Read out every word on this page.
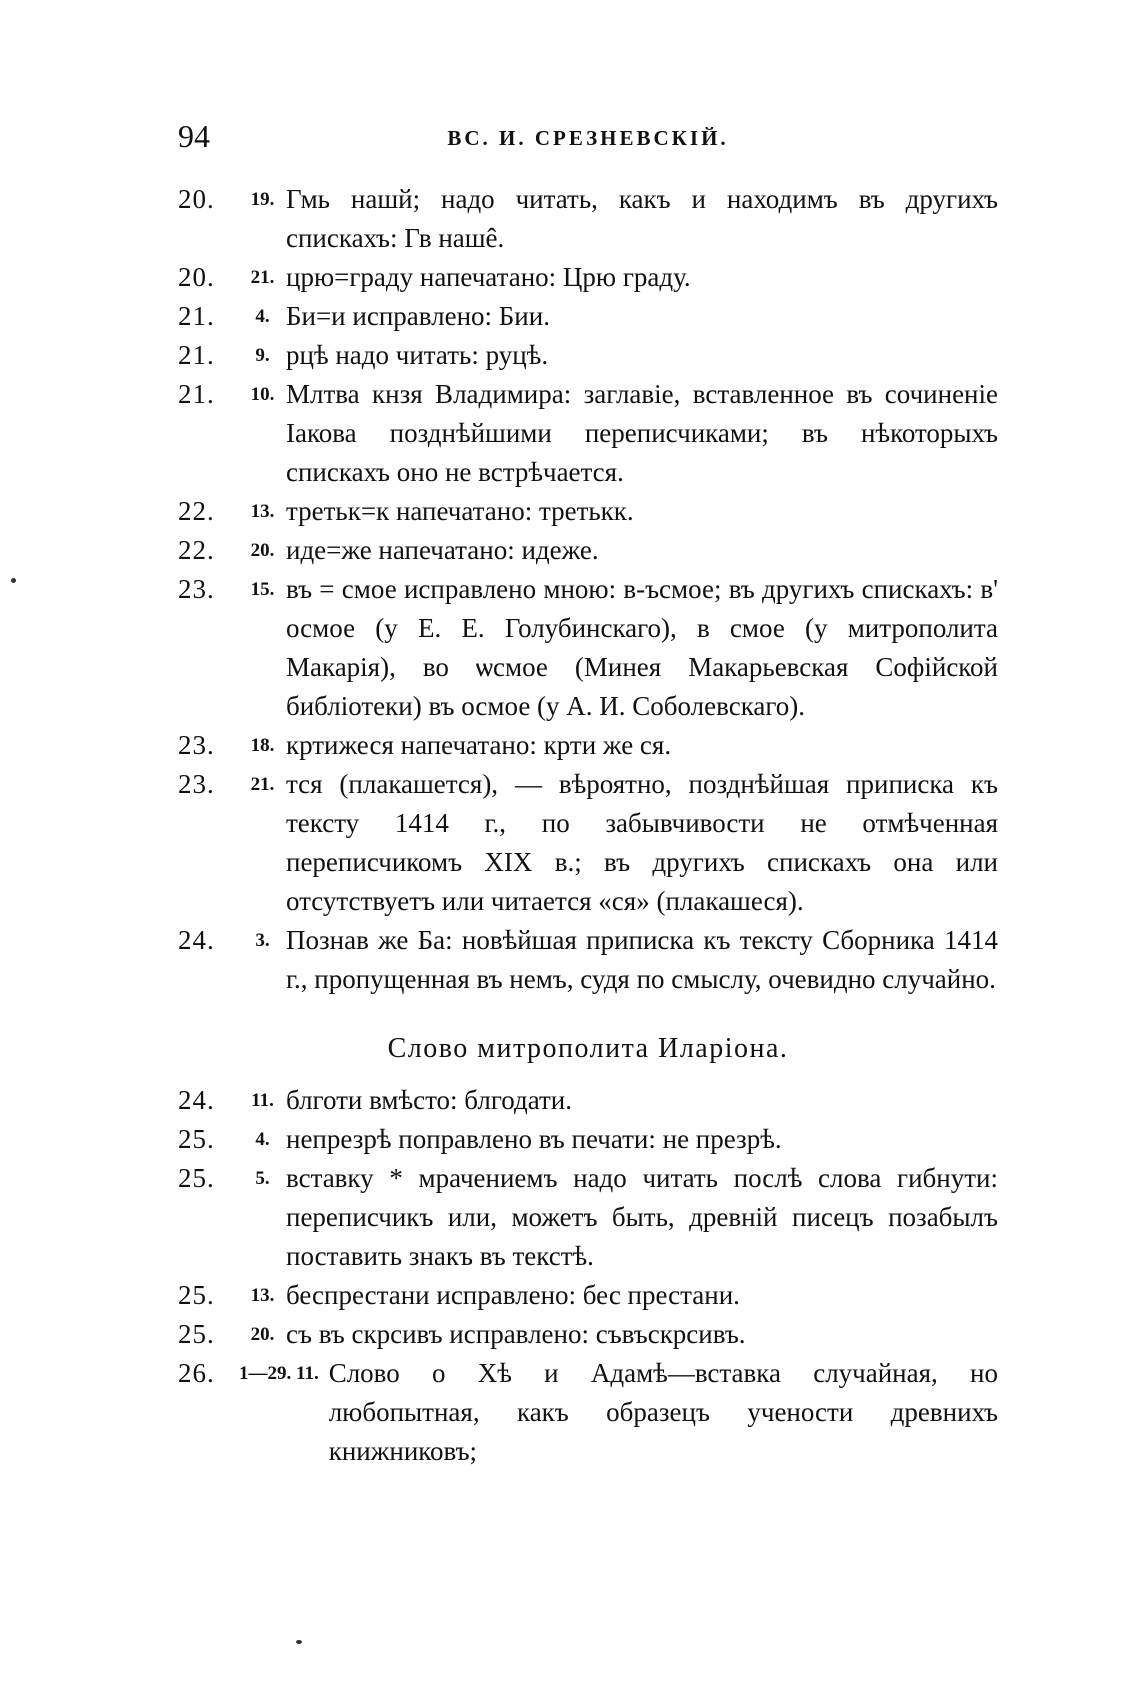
94	ВС. И. СРЕЗНЕВСКІЙ.
20.	19. Гмь нашй; надо читать, какъ и находимъ въ другихъ спискахъ: Гв нашê.
20.	21. црю=граду напечатано: Црю граду.
21.	4. Би=и исправлено: Бии.
21.	9. рцѣ надо читать: руцѣ.
21.	10. Млтва кнзя Владимира: заглавіе, вставленное въ сочиненіе Іакова позднѣйшими переписчиками; въ нѣкоторыхъ спискахъ оно не встрѣчается.
22.	13. третьк=к напечатано: третькк.
22.	20. иде=же напечатано: идеже.
23.	15. въ = смое исправлено мною: в-ъсмое; въ другихъ спискахъ: в' осмое (у Е. Е. Голубинскаго), в смое (у митрополита Макарія), во ѡсмое (Минея Макарьевская Софійской библіотеки) въ осмое (у А. И. Соболевскаго).
23.	18. кртижеся напечатано: крти же ся.
23.	21. тся (плакашется), — вѣроятно, позднѣйшая приписка къ тексту 1414 г., по забывчивости не отмѣченная переписчикомъ XIX в.; въ другихъ спискахъ она или отсутствуетъ или читается «ся» (плакашеся).
24.	3. Познав же Ба: новѣйшая приписка къ тексту Сборника 1414 г., пропущенная въ немъ, судя по смыслу, очевидно случайно.
Слово митрополита Иларіона.
24.	11. блготи вмѣсто: блгодати.
25.	4. непрезрѣ поправлено въ печати: не презрѣ.
25.	5. вставку * мрачениемъ надо читать послѣ слова гибнути: переписчикъ или, можетъ быть, древній писецъ позабылъ поставить знакъ въ текстѣ.
25.	13. беспрестани исправлено: бес престани.
25.	20. съ въ скрсивъ исправлено: съвъскрсивъ.
26.	1—29. 11. Слово о Хѣ и Адамѣ—вставка случайная, но любопытная, какъ образецъ учености древнихъ книжниковъ;
